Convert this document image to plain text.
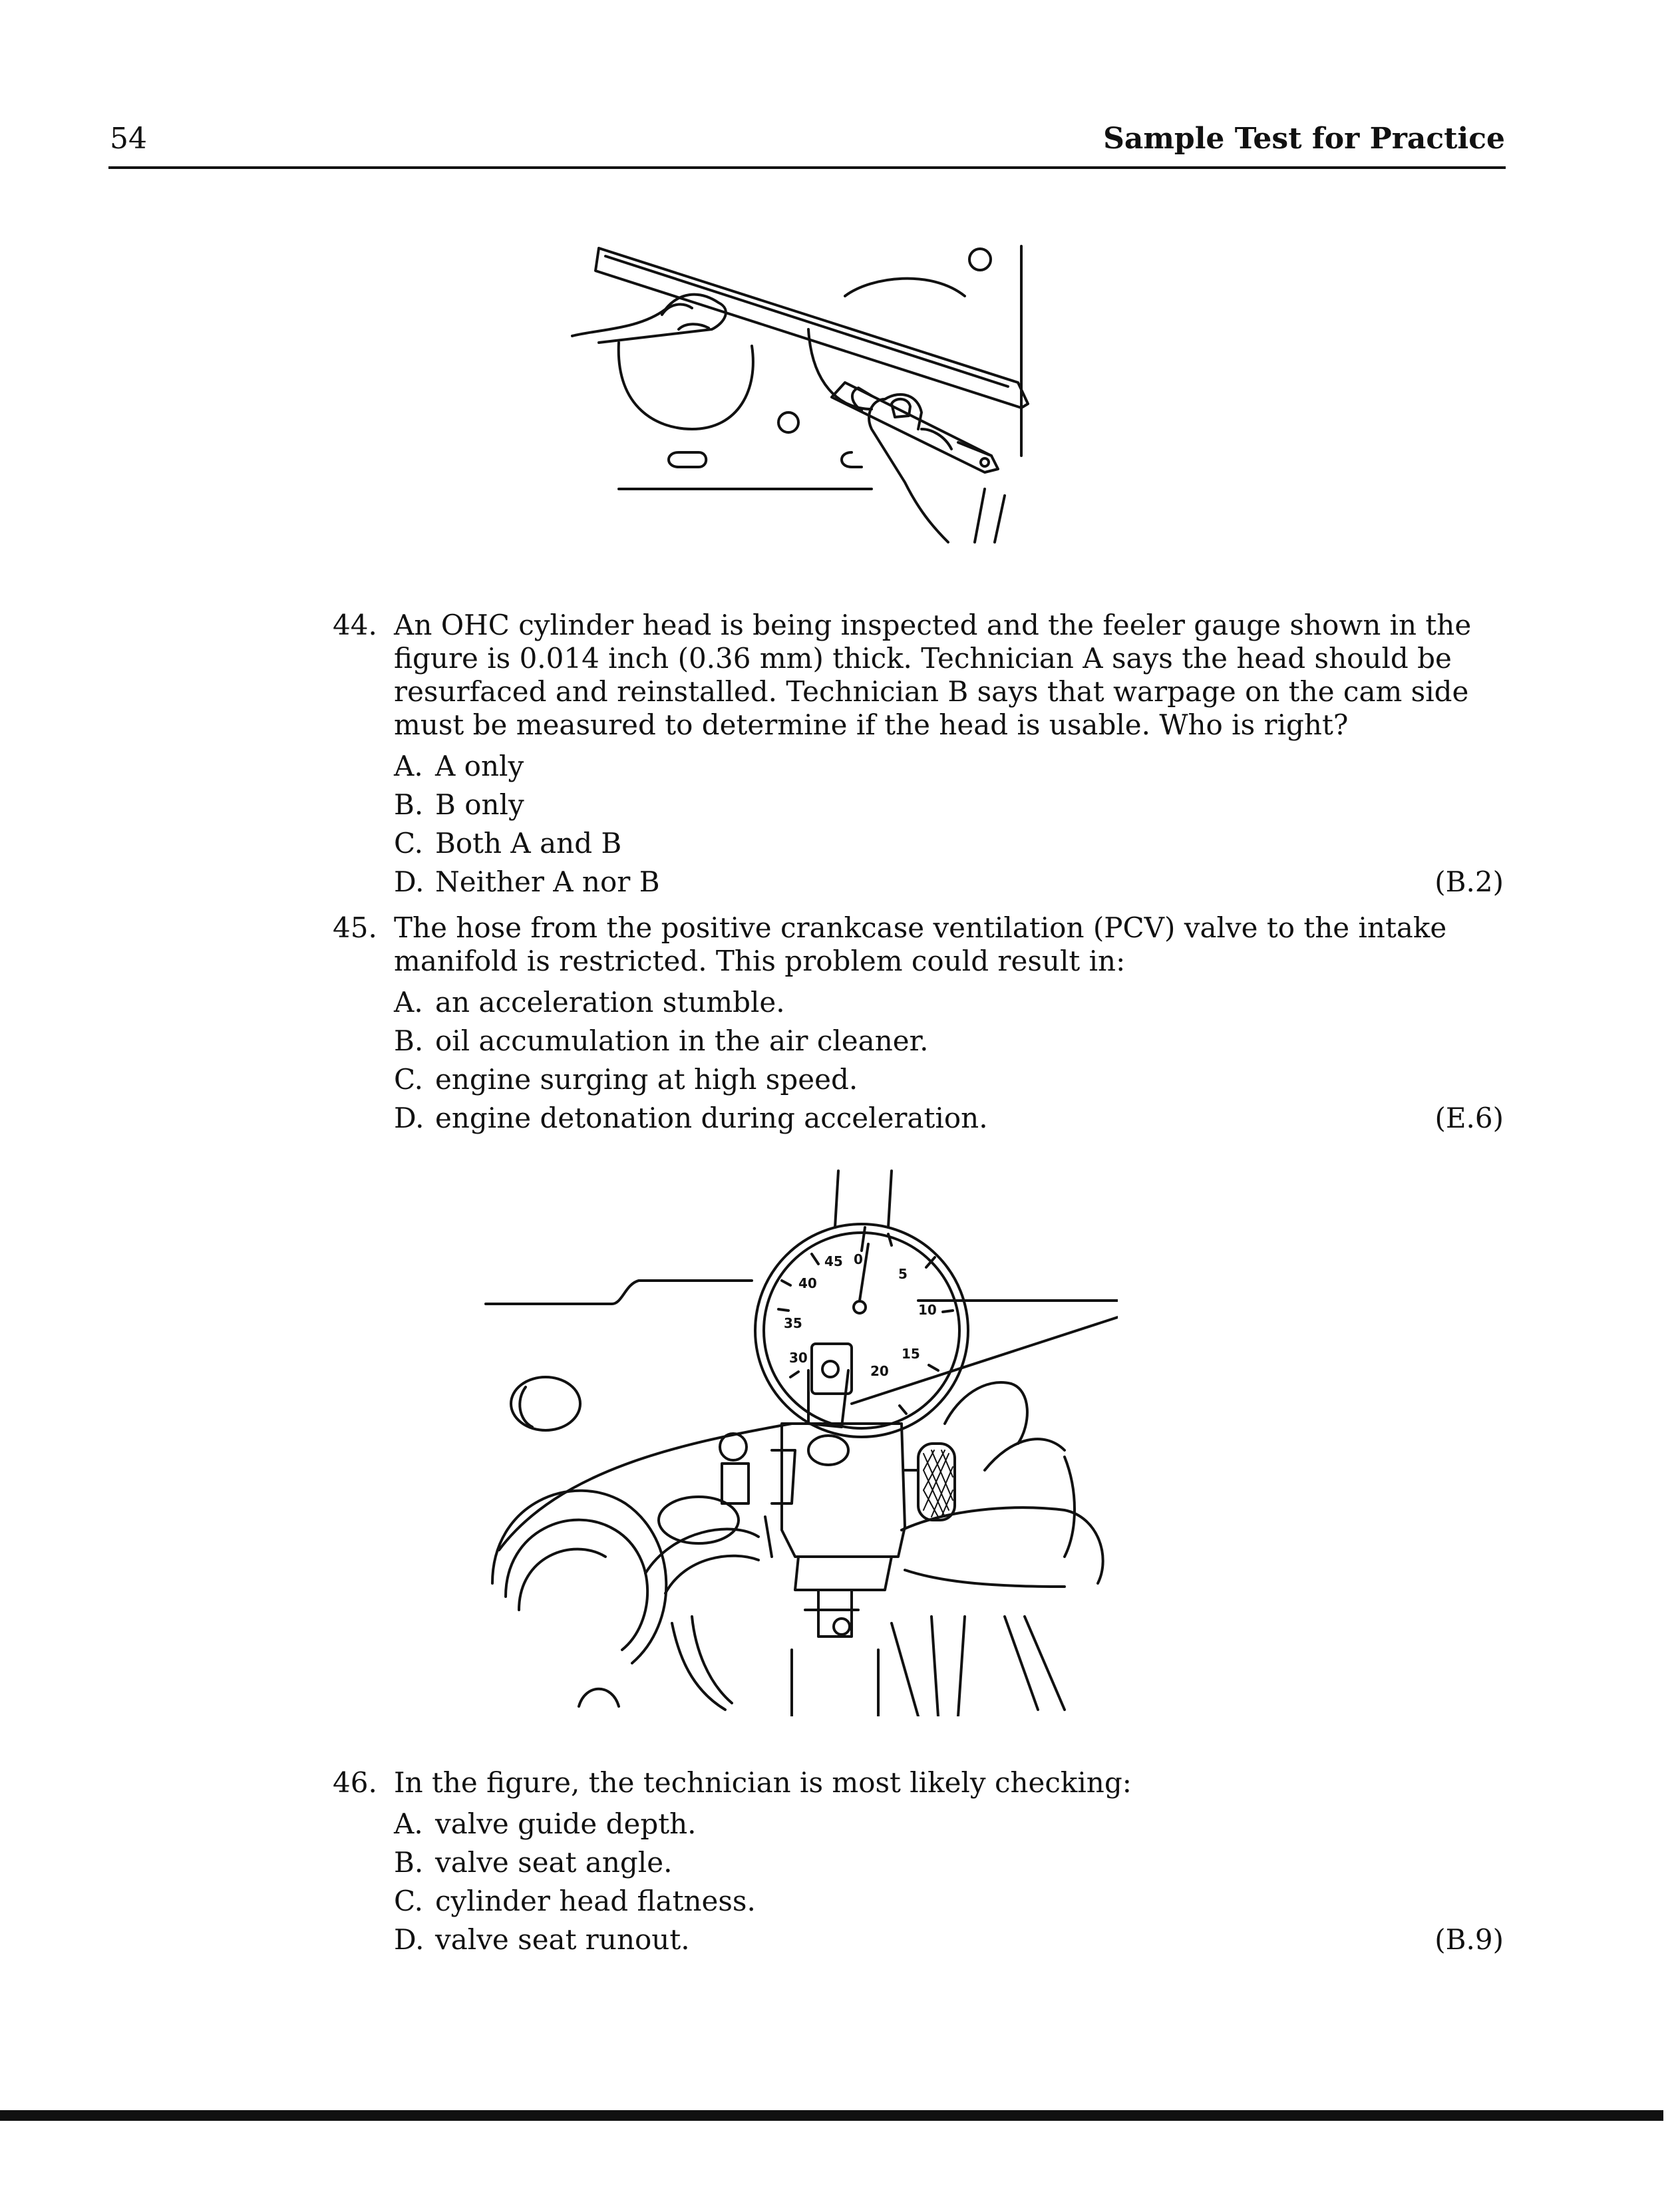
54	Sample Test for Practice
44. An OHC cylinder head is being inspected and the feeler gauge shown in the figure is 0.014 inch (0.36 mm) thick. Technician A says the head should be resurfaced and reinstalled. Technician B says that warpage on the cam side must be measured to determine if the head is usable. Who is right?
A. A only
B. B only
C. Both A and B
D. Neither A nor B	(B.2)
45. The hose from the positive crankcase ventilation (PCV) valve to the intake manifold is restricted. This problem could result in:
A. an acceleration stumble.
B. oil accumulation in the air cleaner.
C. engine surging at high speed.
D. engine detonation during acceleration.	(E.6)
45 0
5
10
15
20
30
35
40
46. In the figure, the technician is most likely checking:
A. valve guide depth.
B. valve seat angle.
C. cylinder head flatness.
D. valve seat runout.	(B.9)
